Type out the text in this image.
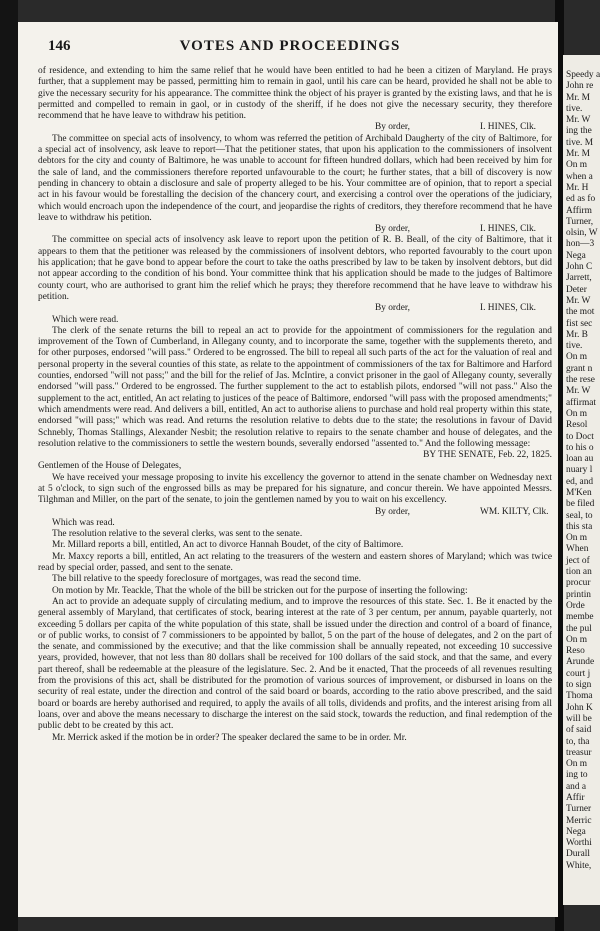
146	VOTES AND PROCEEDINGS

of residence, and extending to him the same relief that he would have been entitled to had he been a citizen of Maryland. He prays further, that a supplement may be passed, permitting him to remain in gaol, until his care can be heard, provided he shall not be able to give the necessary security for his appearance. The committee think the object of his prayer is granted by the existing laws, and that he is permitted and compelled to remain in gaol, or in custody of the sheriff, if he does not give the necessary security, they therefore recommend that he have leave to withdraw his petition.

By order,	I. HINES, Clk.

The committee on special acts of insolvency, to whom was referred the petition of Archibald Daugherty of the city of Baltimore, for a special act of insolvency, ask leave to report—That the petitioner states, that upon his application to the commissioners of insolvent debtors for the city and county of Baltimore, he was unable to account for fifteen hundred dollars, which had been received by him for the sale of land, and the commissioners therefore reported unfavourable to the court; he further states, that a bill of discovery is now pending in chancery to obtain a disclosure and sale of property alleged to be his. Your committee are of opinion, that to report a special act in his favour would be forestalling the decision of the chancery court, and exercising a control over the operations of the judiciary, which would encroach upon the independence of the court, and jeopardise the rights of creditors, they therefore recommend that he have leave to withdraw his petition.

By order,	I. HINES, Clk.

The committee on special acts of insolvency ask leave to report upon the petition of R. B. Beall, of the city of Baltimore, that it appears to them that the petitioner was released by the commissioners of insolvent debtors, who reported favourably to the court upon his application; that he gave bond to appear before the court to take the oaths prescribed by law to be taken by insolvent debtors, but did not appear according to the condition of his bond. Your committee think that his application should be made to the judges of Baltimore county court, who are authorised to grant him the relief which he prays; they therefore recommend that he have leave to withdraw his petition.

By order,	I. HINES, Clk.

Which were read.

The clerk of the senate returns the bill to repeal an act to provide for the appointment of commissioners for the regulation and improvement of the Town of Cumberland, in Allegany county, and to incorporate the same, together with the supplements thereto, and for other purposes, endorsed "will pass." Ordered to be engrossed. The bill to repeal all such parts of the act for the valuation of real and personal property in the several counties of this state, as relate to the appointment of commissioners of the tax for Baltimore and Harford counties, endorsed "will not pass;" and the bill for the relief of Jas. McIntire, a convict prisoner in the gaol of Allegany county, severally endorsed "will pass." Ordered to be engrossed. The further supplement to the act to establish pilots, endorsed "will not pass." Also the supplement to the act, entitled, An act relating to justices of the peace of Baltimore, endorsed "will pass with the proposed amendments;" which amendments were read. And delivers a bill, entitled, An act to authorise aliens to purchase and hold real property within this state, endorsed "will pass;" which was read. And returns the resolution relative to debts due to the state; the resolutions in favour of David Schnebly, Thomas Stallings, Alexander Nesbit; the resolution relative to repairs to the senate chamber and house of delegates, and the resolution relative to the commissioners to settle the western bounds, severally endorsed "assented to." And the following message:

BY THE SENATE, Feb. 22, 1825.

Gentlemen of the House of Delegates,

We have received your message proposing to invite his excellency the governor to attend in the senate chamber on Wednesday next at 5 o'clock, to sign such of the engrossed bills as may be prepared for his signature, and concur therein. We have appointed Messrs. Tilghman and Miller, on the part of the senate, to join the gentlemen named by you to wait on his excellency.

By order,	WM. KILTY, Clk.

Which was read.

The resolution relative to the several clerks, was sent to the senate.

Mr. Millard reports a bill, entitled, An act to divorce Hannah Boudet, of the city of Baltimore.

Mr. Maxcy reports a bill, entitled, An act relating to the treasurers of the western and eastern shores of Maryland; which was twice read by special order, passed, and sent to the senate.

The bill relative to the speedy foreclosure of mortgages, was read the second time.

On motion by Mr. Teackle, That the whole of the bill be stricken out for the purpose of inserting the following:

An act to provide an adequate supply of circulating medium, and to improve the resources of this state. Sec. 1. Be it enacted by the general assembly of Maryland, that certificates of stock, bearing interest at the rate of 3 per centum, per annum, payable quarterly, not exceeding 5 dollars per capita of the white population of this state, shall be issued under the direction and control of a board of finance, or of public works, to consist of 7 commissioners to be appointed by ballot, 5 on the part of the house of delegates, and 2 on the part of the senate, and commissioned by the executive; and that the like commission shall be annually repeated, not exceeding 10 successive years, provided, however, that not less than 80 dollars shall be received for 100 dollars of the said stock, and that the same, and every part thereof, shall be redeemable at the pleasure of the legislature. Sec. 2. And be it enacted, That the proceeds of all revenues resulting from the provisions of this act, shall be distributed for the promotion of various sources of improvement, or disbursed in loans on the security of real estate, under the direction and control of the said board or boards, according to the ratio above prescribed, and the said board or boards are hereby authorised and required, to apply the avails of all tolls, dividends and profits, and the interest arising from all loans, over and above the means necessary to discharge the interest on the said stock, towards the reduction, and final redemption of the public debt to be created by this act.

Mr. Merrick asked if the motion be in order? The speaker declared the same to be in order. Mr.

Speedy a
John re
Mr. M
tive.
Mr. W
ing the
tive. M
Mr. M
On m
when a
Mr. H
ed as fo
Affirm
Turner,
olsin, W
hon—3
Nega
John C
Jarrett,
Deter
Mr. W
the mot
fist sec
Mr. B
tive.
On m
grant n
the rese
Mr. W
affirmat
On m
Resol
to Doct
to his o
loan au
nuary l
ed, and
M'Ken
be filed
seal, to
this sta
On m
When
ject of
tion an
procur
printin
Orde
membe
the pul
On m
Reso
Arunde
court j
to sign
Thoma
John K
will be
of said
to, tha
treasur
On m
ing to
and a
Affir
Turner
Merric
Nega
Worthi
Durall
White,
